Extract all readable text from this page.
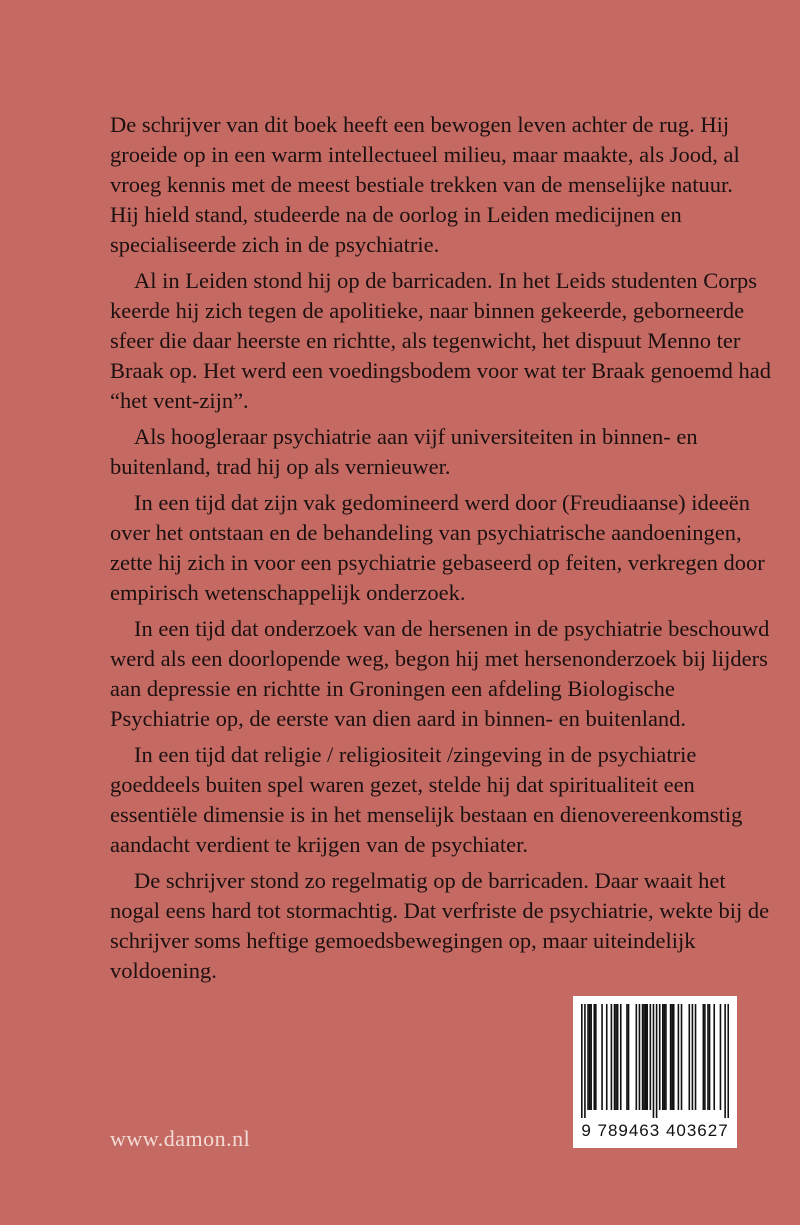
De schrijver van dit boek heeft een bewogen leven achter de rug. Hij groeide op in een warm intellectueel milieu, maar maakte, als Jood, al vroeg kennis met de meest bestiale trekken van de menselijke natuur.

Hij hield stand, studeerde na de oorlog in Leiden medicijnen en specialiseerde zich in de psychiatrie.

Al in Leiden stond hij op de barricaden. In het Leids studenten Corps keerde hij zich tegen de apolitieke, naar binnen gekeerde, geborneerde sfeer die daar heerste en richtte, als tegenwicht, het dispuut Menno ter Braak op. Het werd een voedingsbodem voor wat ter Braak genoemd had “het vent-zijn”.

Als hoogleraar psychiatrie aan vijf universiteiten in binnen- en buitenland, trad hij op als vernieuwer.

In een tijd dat zijn vak gedomineerd werd door (Freudiaanse) ideeën over het ontstaan en de behandeling van psychiatrische aandoeningen, zette hij zich in voor een psychiatrie gebaseerd op feiten, verkregen door empirisch wetenschappelijk onderzoek.

In een tijd dat onderzoek van de hersenen in de psychiatrie beschouwd werd als een doorlopende weg, begon hij met hersenonderzoek bij lijders aan depressie en richtte in Groningen een afdeling Biologische Psychiatrie op, de eerste van dien aard in binnen- en buitenland.

In een tijd dat religie / religiositeit /zingeving in de psychiatrie goeddeels buiten spel waren gezet, stelde hij dat spiritualiteit een essentiële dimensie is in het menselijk bestaan en dienovereenkomstig aandacht verdient te krijgen van de psychiater.

De schrijver stond zo regelmatig op de barricaden. Daar waait het nogal eens hard tot stormachtig. Dat verfriste de psychiatrie, wekte bij de schrijver soms heftige gemoedsbewegingen op, maar uiteindelijk voldoening.

9 789463 403627
www.damon.nl
